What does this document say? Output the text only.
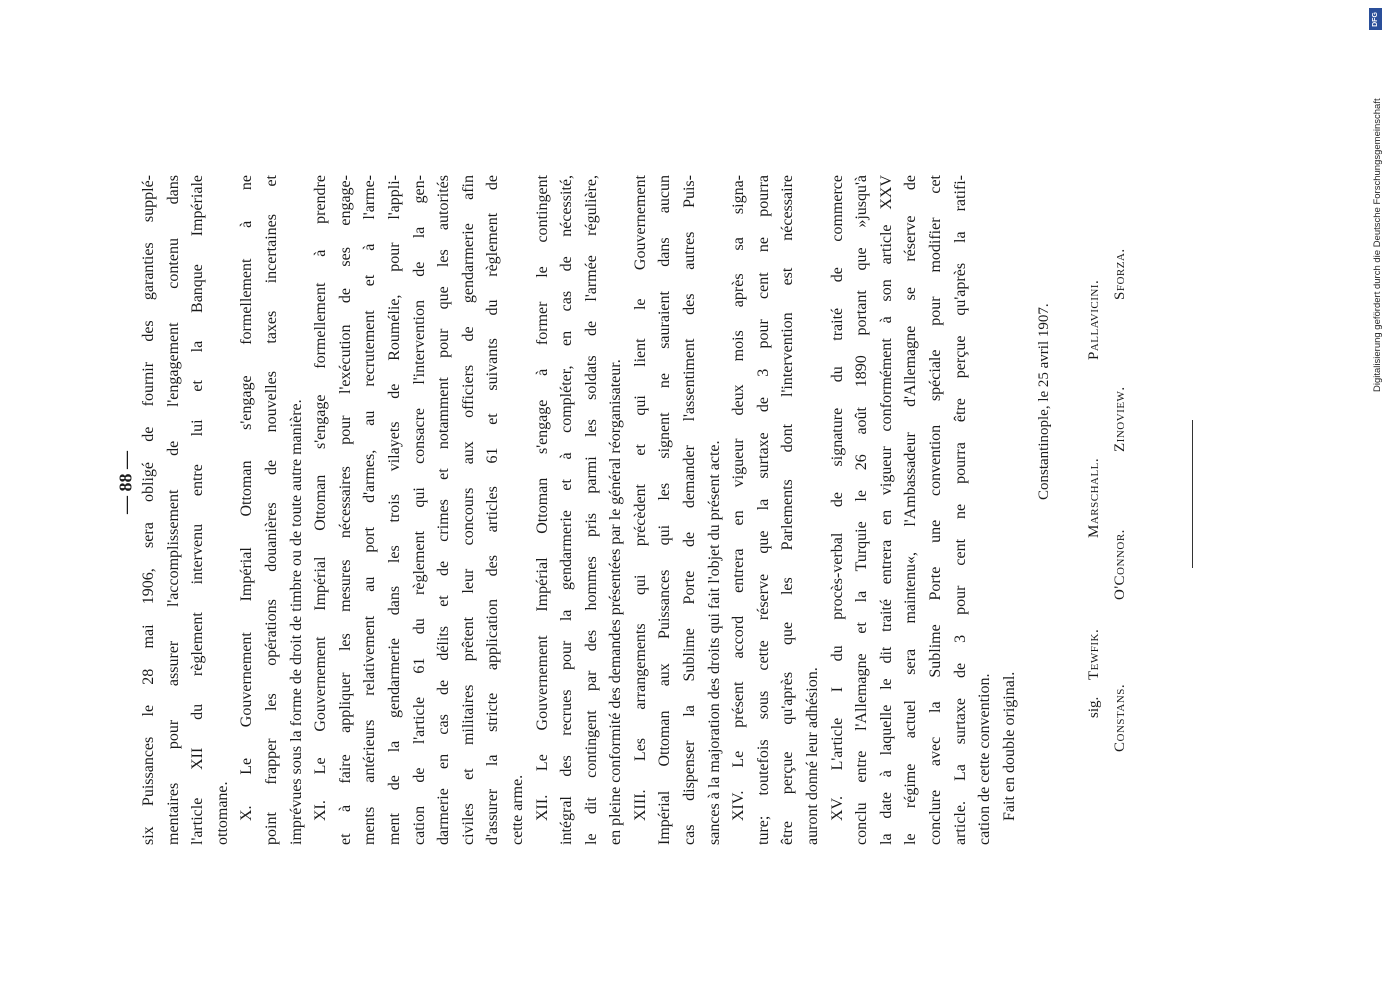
— 88 — six Puissances le 28 mai 1906, sera obligé de fournir des garanties supplé- mentaires pour assurer l'accomplissement de l'engagement contenu dans l'article XII du règlement intervenu entre lui et la Banque Impériale ottomane. X. Le Gouvernement Impérial Ottoman s'engage formellement à ne point frapper les opérations douanières de nouvelles taxes incertaines et imprévues sous la forme de droit de timbre ou de toute autre manière. XI. Le Gouvernement Impérial Ottoman s'engage formellement à prendre et à faire appliquer les mesures nécessaires pour l'exécution de ses engage- ments antérieurs relativement au port d'armes, au recrutement et à l'arme- ment de la gendarmerie dans les trois vilayets de Roumélie, pour l'appli- cation de l'article 61 du règlement qui consacre l'intervention de la gen- darmerie en cas de délits et de crimes et notamment pour que les autorités civiles et militaires prêtent leur concours aux officiers de gendarmerie afin d'assurer la stricte application des articles 61 et suivants du règlement de cette arme. XII. Le Gouvernement Impérial Ottoman s'engage à former le contingent intégral des recrues pour la gendarmerie et à compléter, en cas de nécessité, le dit contingent par des hommes pris parmi les soldats de l'armée régulière, en pleine conformité des demandes présentées par le général réorganisateur. XIII. Les arrangements qui précèdent et qui lient le Gouvernement Impérial Ottoman aux Puissances qui les signent ne sauraient dans aucun cas dispenser la Sublime Porte de demander l'assentiment des autres Puis- sances à la majoration des droits qui fait l'objet du présent acte. XIV. Le présent accord entrera en vigueur deux mois après sa signa- ture; toutefois sous cette réserve que la surtaxe de 3 pour cent ne pourra être perçue qu'après que les Parlements dont l'intervention est nécessaire auront donné leur adhésion. XV. L'article I du procès-verbal de signature du traité de commerce conclu entre l'Allemagne et la Turquie le 26 août 1890 portant que »jusqu'à la date à laquelle le dit traité entrera en vigueur conformément à son article XXV le régime actuel sera maintenu«, l'Ambassadeur d'Allemagne se réserve de conclure avec la Sublime Porte une convention spéciale pour modifier cet article. La surtaxe de 3 pour cent ne pourra être perçue qu'après la ratifi- cation de cette convention. Fait en double original.
Constantinople, le 25 avril 1907.
sig.
Tewfik.
Marschall.
Pallavicini.
Constans.
O'Connor.
Zinoview.
Sforza.
DFG
Digitalisierung gefördert durch die Deutsche Forschungsgemeinschaft
